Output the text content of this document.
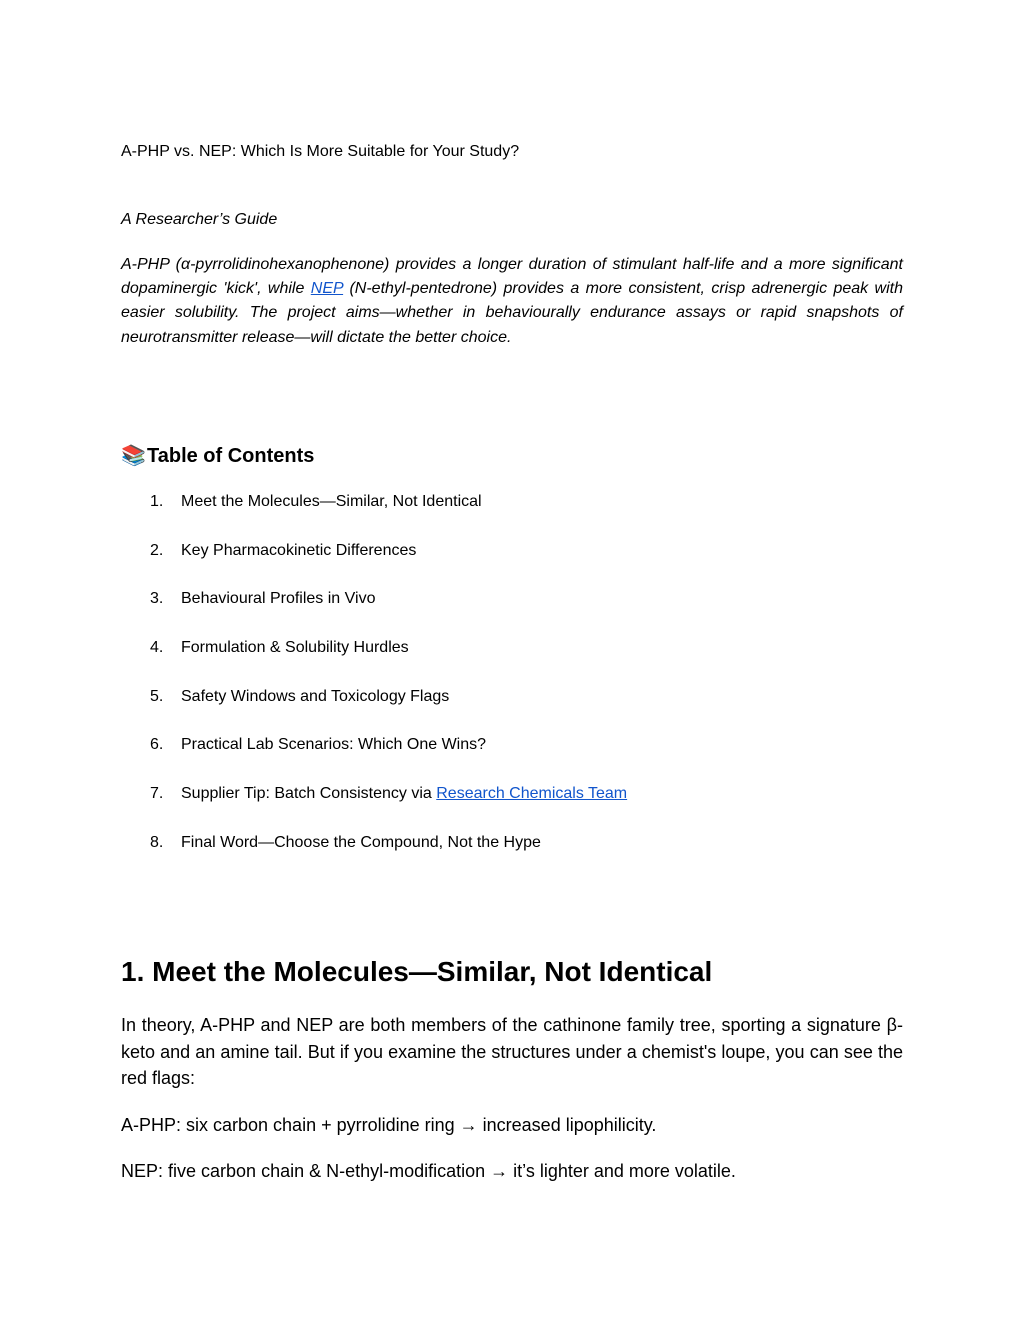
A-PHP vs. NEP: Which Is More Suitable for Your Study?

A Researcher’s Guide

A-PHP (α-pyrrolidinohexanophenone) provides a longer duration of stimulant half-life and a more significant dopaminergic 'kick', while NEP (N-ethyl-pentedrone) provides a more consistent, crisp adrenergic peak with easier solubility. The project aims—whether in behaviourally endurance assays or rapid snapshots of neurotransmitter release—will dictate the better choice.

📚Table of Contents

1. Meet the Molecules—Similar, Not Identical
2. Key Pharmacokinetic Differences
3. Behavioural Profiles in Vivo
4. Formulation & Solubility Hurdles
5. Safety Windows and Toxicology Flags
6. Practical Lab Scenarios: Which One Wins?
7. Supplier Tip: Batch Consistency via Research Chemicals Team
8. Final Word—Choose the Compound, Not the Hype
1. Meet the Molecules—Similar, Not Identical

In theory, A-PHP and NEP are both members of the cathinone family tree, sporting a signature β-keto and an amine tail. But if you examine the structures under a chemist's loupe, you can see the red flags:

A-PHP: six carbon chain + pyrrolidine ring → increased lipophilicity.

NEP: five carbon chain & N-ethyl-modification → it’s lighter and more volatile.
